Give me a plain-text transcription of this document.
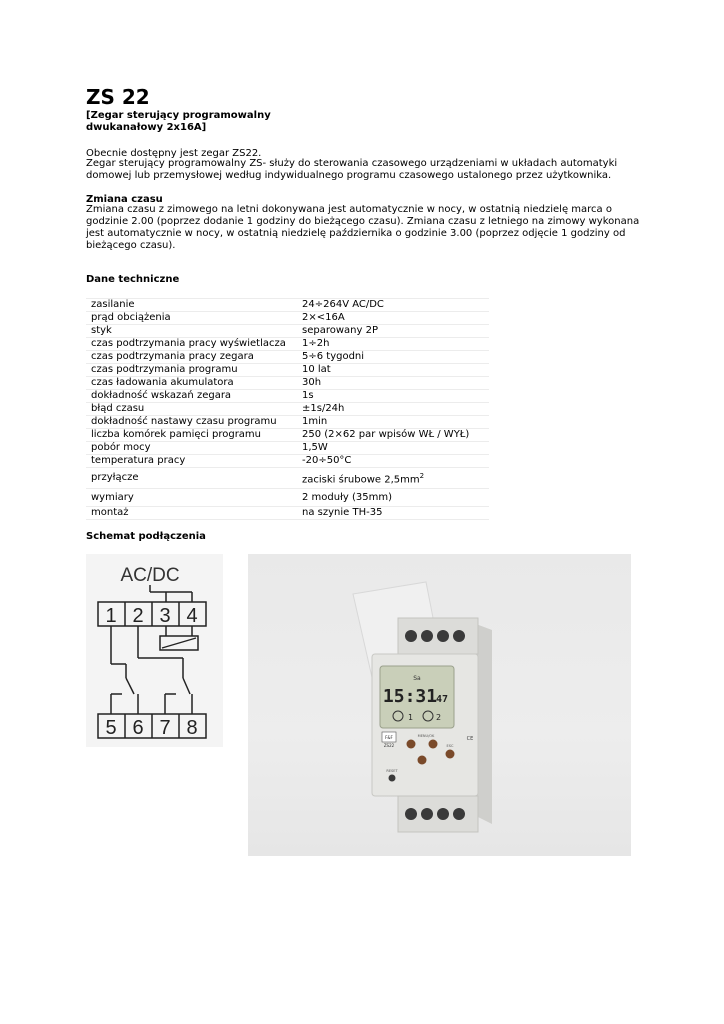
ZS 22
[Zegar sterujący programowalny dwukanałowy 2x16A]
Obecnie dostępny jest zegar ZS22.
Zegar sterujący programowalny ZS- służy do sterowania czasowego urządzeniami w układach automatyki domowej lub przemysłowej według indywidualnego programu czasowego ustalonego przez użytkownika.
Zmiana czasu
Zmiana czasu z zimowego na letni dokonywana jest automatycznie w nocy, w ostatnią niedzielę marca o godzinie 2.00 (poprzez dodanie 1 godziny do bieżącego czasu). Zmiana czasu z letniego na zimowy wykonana jest automatycznie w nocy, w ostatnią niedzielę października o godzinie 3.00 (poprzez odjęcie 1 godziny od bieżącego czasu).
Dane techniczne
zasilanie	24÷264V AC/DC
prąd obciążenia	2×<16A
styk	separowany 2P
czas podtrzymania pracy wyświetlacza	1÷2h
czas podtrzymania pracy zegara	5÷6 tygodni
czas podtrzymania programu	10 lat
czas ładowania akumulatora	30h
dokładność wskazań zegara	1s
błąd czasu	±1s/24h
dokładność nastawy czasu programu	1min
liczba komórek pamięci programu	250 (2×62 par wpisów WŁ / WYŁ)
pobór mocy	1,5W
temperatura pracy	-20÷50°C
przyłącze	zaciski śrubowe $2,5mm^2$
wymiary	2 moduły (35mm)
montaż	na szynie TH-35
Schemat podłączenia
AC/DC
1 2 3 4
5 6 7 8
Sa
15:31
47
1	2
F&F
ZS22
MENU/OK
ESC
RESET
CE
